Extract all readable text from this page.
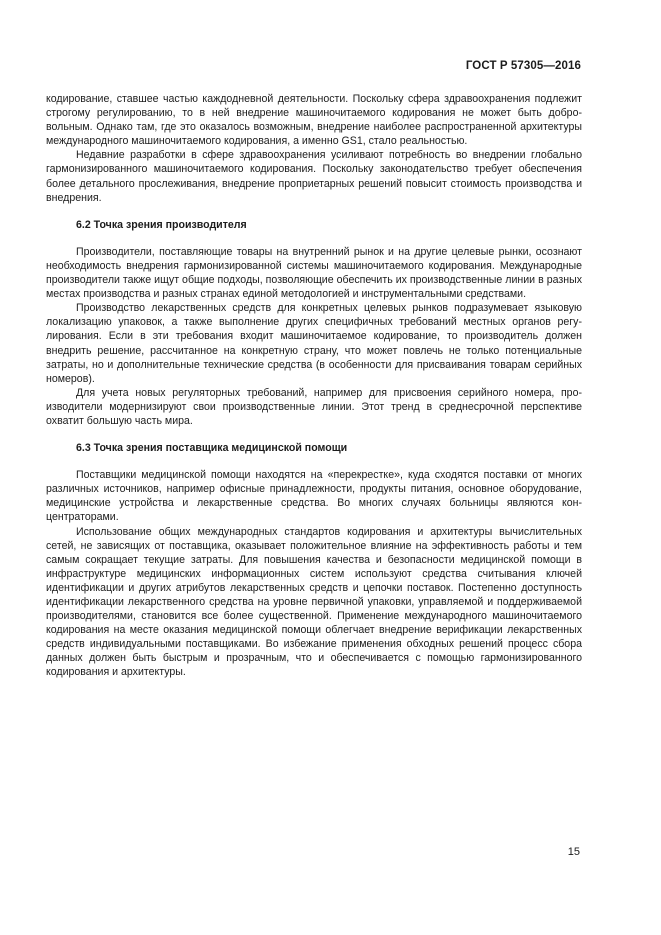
ГОСТ Р 57305—2016

кодирование, ставшее частью каждодневной деятельности. Поскольку сфера здравоохранения подлежит строгому регулированию, то в ней внедрение машиночитаемого кодирования не может быть добровольным. Однако там, где это оказалось возможным, внедрение наиболее распространенной архитектуры международного машиночитаемого кодирования, а именно GS1, стало реальностью.

Недавние разработки в сфере здравоохранения усиливают потребность во внедрении глобально гармонизированного машиночитаемого кодирования. Поскольку законодательство требует обеспечения более детального прослеживания, внедрение проприетарных решений повысит стоимость производства и внедрения.

6.2 Точка зрения производителя

Производители, поставляющие товары на внутренний рынок и на другие целевые рынки, осознают необходимость внедрения гармонизированной системы машиночитаемого кодирования. Международные производители также ищут общие подходы, позволяющие обеспечить их производственные линии в разных местах производства и разных странах единой методологией и инструментальными средствами.

Производство лекарственных средств для конкретных целевых рынков подразумевает языковую локализацию упаковок, а также выполнение других специфичных требований местных органов регулирования. Если в эти требования входит машиночитаемое кодирование, то производитель должен внедрить решение, рассчитанное на конкретную страну, что может повлечь не только потенциальные затраты, но и дополнительные технические средства (в особенности для присваивания товарам серийных номеров).

Для учета новых регуляторных требований, например для присвоения серийного номера, производители модернизируют свои производственные линии. Этот тренд в среднесрочной перспективе охватит большую часть мира.

6.3 Точка зрения поставщика медицинской помощи

Поставщики медицинской помощи находятся на «перекрестке», куда сходятся поставки от многих различных источников, например офисные принадлежности, продукты питания, основное оборудование, медицинские устройства и лекарственные средства. Во многих случаях больницы являются концентраторами.

Использование общих международных стандартов кодирования и архитектуры вычислительных сетей, не зависящих от поставщика, оказывает положительное влияние на эффективность работы и тем самым сокращает текущие затраты. Для повышения качества и безопасности медицинской помощи в инфраструктуре медицинских информационных систем используют средства считывания ключей идентификации и других атрибутов лекарственных средств и цепочки поставок. Постепенно доступность идентификации лекарственного средства на уровне первичной упаковки, управляемой и поддерживаемой производителями, становится все более существенной. Применение международного машиночитаемого кодирования на месте оказания медицинской помощи облегчает внедрение верификации лекарственных средств индивидуальными поставщиками. Во избежание применения обходных решений процесс сбора данных должен быть быстрым и прозрачным, что и обеспечивается с помощью гармонизированного кодирования и архитектуры.

15
